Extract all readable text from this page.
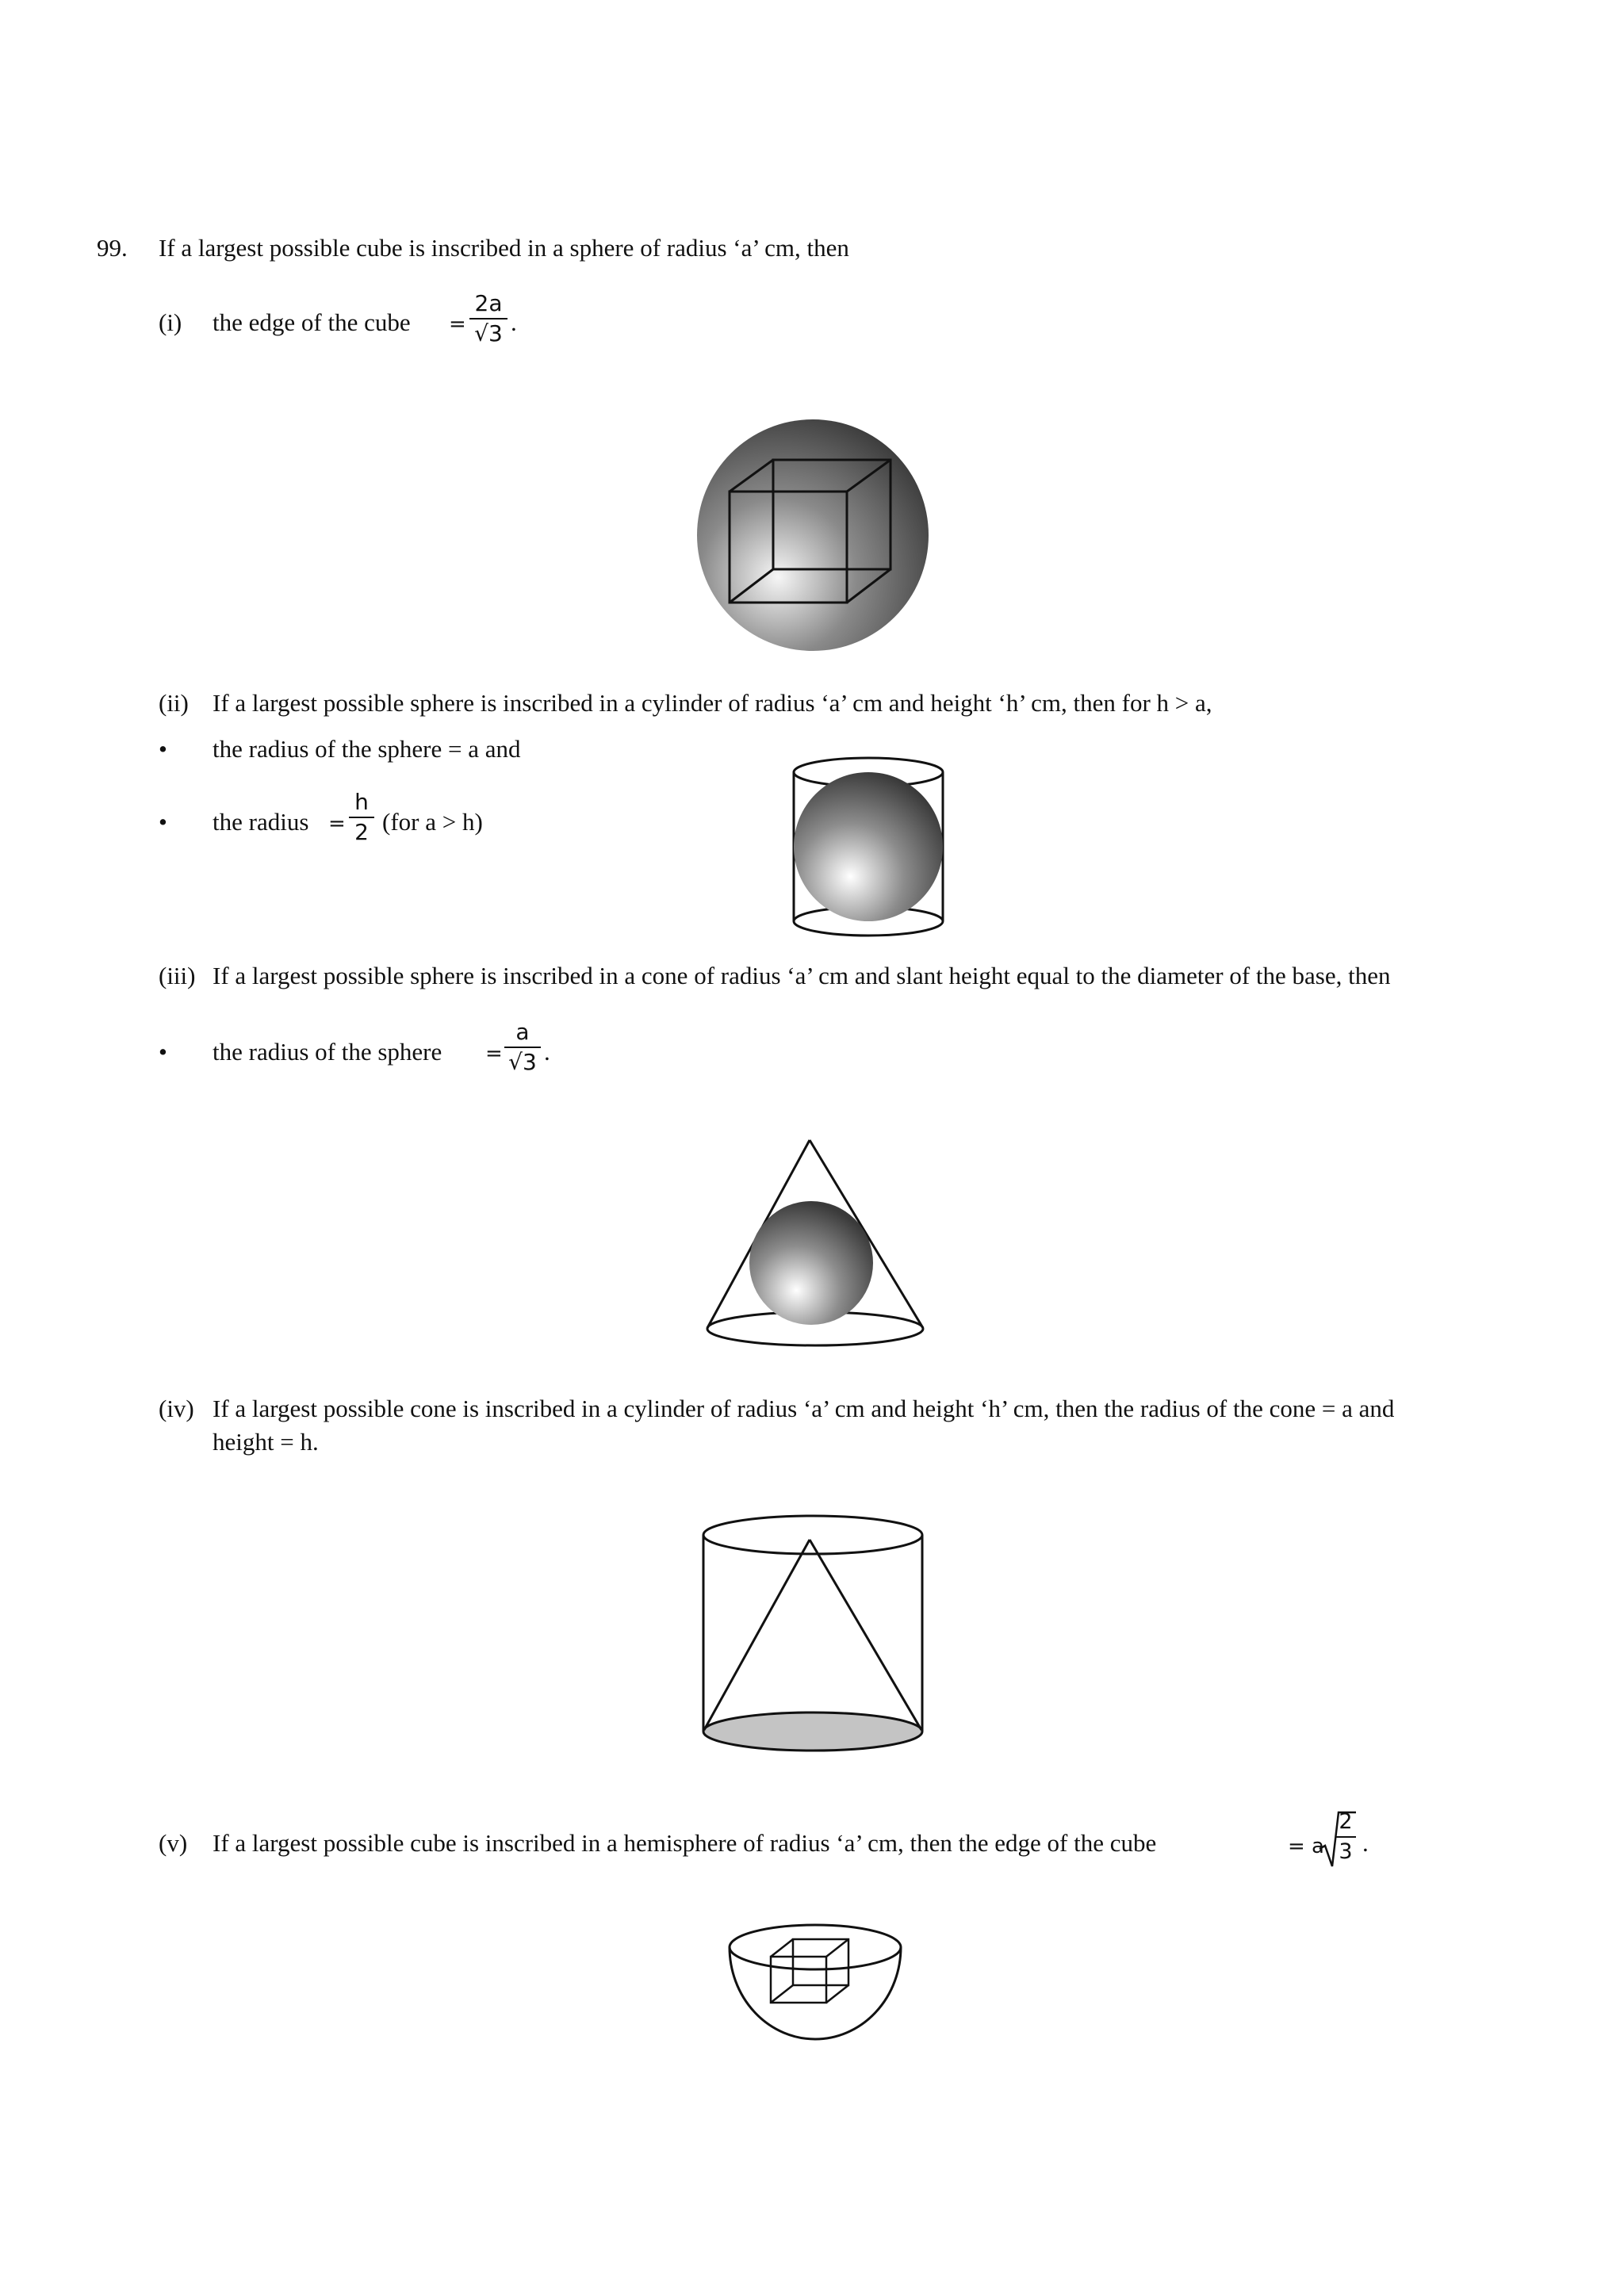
99. If a largest possible cube is inscribed in a sphere of radius ‘a’ cm, then
(i) the edge of the cube =
2a
√3 .
(ii) If a largest possible sphere is inscribed in a cylinder of radius ‘a’ cm and height ‘h’ cm, then for h > a,
• the radius of the sphere = a and
• the radius =
h
2 (for a > h)
(iii) If a largest possible sphere is inscribed in a cone of radius ‘a’ cm and slant height equal to the diameter of the base, then
• the radius of the sphere =
a
√3 .
(iv) If a largest possible cone is inscribed in a cylinder of radius ‘a’ cm and height ‘h’ cm, then the radius of the cone = a and
height = h.
(v) If a largest possible cube is inscribed in a hemisphere of radius ‘a’ cm, then the edge of the cube	= a
2
3 .
